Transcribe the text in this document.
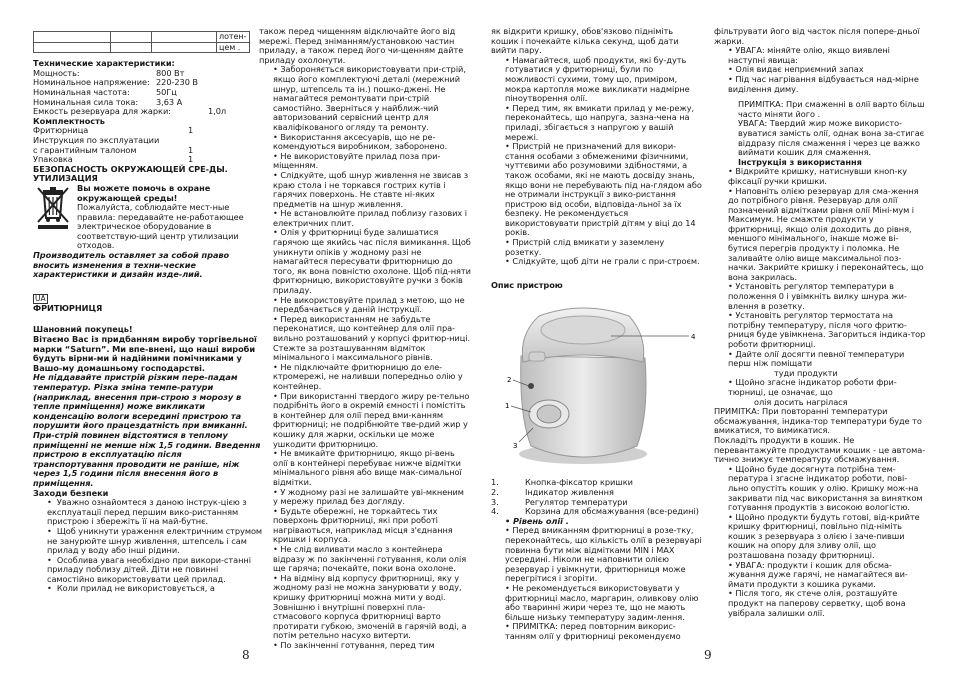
			лотен-
			цем .

Технические характеристики:

Мощность:	800 Вт

Номинальное напряжение: 220-230 В

Номинальная частота:	50Гц

Номинальная сила тока:	3,63 А

Емкость резервуара для жарки:	1,0л

Комплектность

Фритюрница	1

Инструкция по эксплуатации

с гарантийным талоном	1

Упаковка	1

БЕЗОПАСНОСТЬ ОКРУЖАЮЩЕЙ СРЕ-ДЫ. УТИЛИЗАЦИЯ

Вы можете помочь в охране окружающей среды!

Пожалуйста, соблюдайте мест-ные правила: передавайте не-работающее электрическое оборудование в соответствую-щий центр утилизации отходов.

Производитель оставляет за собой право вносить изменения в техни-ческие характеристики и дизайн изде-лий.

UA

ФРИТЮРНИЦЯ

Шановний покупець!

Вітаємо Вас із придбанням виробу торгівельної марки “Saturn”. Ми впе-внені, що наші вироби будуть вірни-ми й надійними помічниками у Вашо-му домашньому господарстві.

Не піддавайте пристрій різким пере-падам температур. Різка зміна темпе-ратури (наприклад, внесення при-строю з морозу в теплe приміщення) може викликати конденсацію вологи всередині пристрою та порушити його працездатність при вмиканні. При-стрій повинен відстоятися в теплому приміщенні не менше ніж 1,5 години. Введення пристрою в експлуатацію після транспортування проводити не раніше, ніж через 1,5 години після внесення його в приміщення.

Заходи безпеки

•  Уважно ознайомтеся з даною інструк-цією з експлуатації перед першим вико-ристанням пристрою і збережіть її на май-бутнє.

•  Щоб уникнути ураження електричним струмом не занурюйте шнур живлення, штепсель і сам прилад у воду або інші рідини.

•  Особлива увага необхідно при викори-станні приладу поблизу дітей. Діти не повинні самостійно використовувати цей прилад.

•  Коли прилад не використовується, а

також перед чищенням відключайте його від мережі. Перед зніманням/установкою частин приладу, а також перед його чи-щенням дайте приладу охолонути.

• Забороняється використовувати при-стрій, якщо його комплектуючі деталі (мережний шнур, штепсель та ін.) пошко-джені. Не намагайтеся ремонтувати при-стрій самостійно. Зверніться у найближ-чий авторизований сервісний центр для кваліфікованого огляду та ремонту.

• Використання аксесуарів, що не ре-комендуються виробником, заборонено.

• Не використовуйте прилад поза при-міщенням.

• Слідкуйте, щоб шнур живлення не звисав з краю стола і не торкався гострих кутів і гарячих поверхонь. Не ставте ні-яких предметів на шнур живлення.

• Не встановлюйте прилад поблизу газових і електричних плит.

• Олія у фритюрниці буде залишатися гарячою ще якийсь час після вимикання. Щоб уникнути опіків у жодному разі не намагайтеся пересувати фритюрницю до того, як вона повністю охолоне. Щоб під-няти фритюрницю, використовуйте ручки з боків приладу.

• Не використовуйте прилад з метою, що не передбачається у даній інструкції.

• Перед використанням не забудьте переконатися, що контейнер для олії пра-вильно розташований у корпусі фритюр-ниці. Стежте за розташуванням відміток мінімального і максимального рівнів.

• Не підключайте фритюрницю до еле-ктромережі, не наливши попередньо олію у контейнер.

• При використанні твердого жиру ре-тельно подрібніть його в окремій ємності і помістіть в контейнер для олії перед вми-канням фритюрниці; не подрібнюйте тве-рдий жир у кошику для жарки, оскільки це може ушкодити фритюрницю.

• Не вмикайте фритюрницю, якщо рі-вень олії в контейнері перебуває нижче відмітки мінімального рівня або вище мак-симальної відмітки.

• У жодному разі не залишайте уві-мкненим у мережу прилад без догляду.

• Будьте обережні, не торкайтесь тих поверхонь фритюрниці, які при роботі нагріваються, наприклад місця з'єднання кришки і корпуса.

• Не слід виливати масло з контейнера відразу ж по закінченні готування, коли олія ще гаряча; почекайте, поки вона охолоне.

• На відміну від корпусу фритюрниці, яку у жодному разі не можна занурювати у воду, кришку фритюрниці можна мити у воді. Зовнішню і внутрішні поверхні пла-стмасового корпуса фритюрниці варто протирати губкою, змоченій в гарячій воді, а потім ретельно насухо витерти.

• По закінченні готування, перед тим

8

як відкрити кришку, обов'язково підніміть кошик і почекайте кілька секунд, щоб дати вийти пару.

• Намагайтеся, щоб продукти, які бу-дуть готуватися у фритюрниці, були по можливості сухими, тому що, приміром, мокра картопля може викликати надмірне піноутворення олії.

• Перед тим, як вмикати прилад у ме-режу, переконайтесь, що напруга, зазна-чена на приладі, збігається з напругою у вашій мережі.

• Пристрій не призначений для викори-стання особами з обмеженими фізичними, чуттєвими або розумовими здібностями, а також особами, які не мають досвіду знань, якщо вони не перебувають під на-глядом або не отримали інструкції з вико-ристання пристрою від особи, відповіда-льної за їх безпеку. Не рекомендується використовувати пристрій дітям у віці до 14 років.

• Пристрій слід вмикати у заземлену розетку.

• Слідкуйте, щоб діти не грали с при-строєм.

Опис пристрою

4
2
1
3

1.	Кнопка-фіксатор кришки

2.	Індикатор живлення

3.	Регулятор температури

4.	Корзина для обсмажування (все-редині)

• Рівень олії .

• Перед вмиканням фритюрниці в розе-тку, переконайтесь, що кількість олії в резервуарі повинна бути між відмітками MIN і MAX усередині. Ніколи не наповнити олією резервуар і увімкнути, фритюрниця може перегрітися і згоріти.

• Не рекомендується використовувати у фритюрниці масло, маргарин, оливкову олію або тваринні жири через те, що не мають більше низьку температуру задим-лення.

• ПРИМІТКА: перед повторним викорис-танням олії у фритюрниці рекомендуємо

фільтрувати його від часток після попере-дньої жарки.

• УВАГА: міняйте олію, якщо виявлені наступні явища:

• Олія видає неприємний запах

• Під час нагрівання відбувається над-мірне виділення диму.

ПРИМІТКА: При смаженні в олії варто більш часто міняти його .

УВАГА: Твердий жир може використо-вуватися замість олії, однак вона за-стигає віддразу після смаження і через це важко виймати кошик для смаження.

Інструкція з використання

• Відкрийте кришку, натиснувши кноп-ку фіксації ручки кришки.

• Наповніть олією резервуар для сма-ження до потрібного рівня. Резервуар для олії позначений відмітками рівня олії Міні-мум і Максимум. Не смажте продукти у фритюрниці, якщо олія доходить до рівня, меншого мінімального, інакше може ві-бутися перегрів продукту і поломка. Не заливайте олію вище максимальної поз-начки. Закрийте кришку і переконайтесь, що вона закрилась.

• Установіть регулятор температури в положення 0 і увімкніть вилку шнура жи-влення в розетку.

• Установіть регулятор термостата на потрібну температуру, після чого фритю-рниця буде увімкнена. Загориться індика-тор роботи фритюрниці.

• Дайте олії досягти певної температури перш ніж поміщати

туди продукти

• Щойно згасне індикатор роботи фри-тюрниці, це означає, що

олія досить нагрілася

ПРИМІТКА: При повторанні температури обсмажування, індика-тор температури буде то вмикатися, то вимикатися.

Покладіть продукти в кошик. Не перевантажуйте продуктами кошик - це автома-тично знижує температуру обсмажування.

• Щойно буде досягнута потрібна тем-пература і згасне індикатор роботи, пові-льно опустіть кошик у олію. Кришку мож-на закривати під час використання за винятком готування продуктів з високою вологістю.

• Щойно продукти будуть готові, від-крийте кришку фритюрниці, повільно під-німіть кошик з резервуара з олією і заче-пивши кошик на опору для зливу олії, що розташована позаду фритюрниці.

• УВАГА: продукти і кошик для обсма-жування дуже гарячі, не намагайтеся ви-ймати продукти з кошика руками.

• Після того, як стече олія, розташуйте продукт на паперову серветку, щоб вона увібрала залишки олії.

9
